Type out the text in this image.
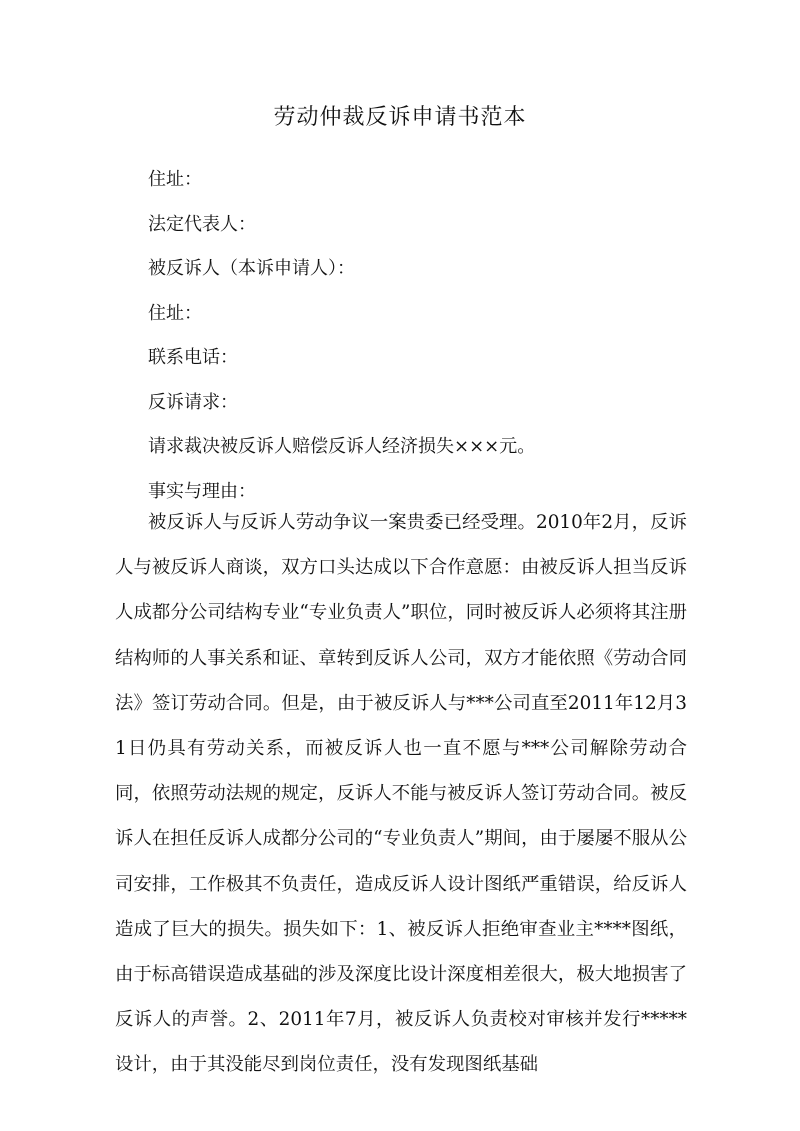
劳动仲裁反诉申请书范本
住址：
法定代表人：
被反诉人（本诉申请人）：
住址：
联系电话：
反诉请求：
请求裁决被反诉人赔偿反诉人经济损失×××元。
事实与理由：
被反诉人与反诉人劳动争议一案贵委已经受理。2010年2月，反诉人与被反诉人商谈，双方口头达成以下合作意愿：由被反诉人担当反诉人成都分公司结构专业“专业负责人”职位，同时被反诉人必须将其注册结构师的人事关系和证、章转到反诉人公司，双方才能依照《劳动合同法》签订劳动合同。但是，由于被反诉人与***公司直至2011年12月31日仍具有劳动关系，而被反诉人也一直不愿与***公司解除劳动合同，依照劳动法规的规定，反诉人不能与被反诉人签订劳动合同。被反诉人在担任反诉人成都分公司的“专业负责人”期间，由于屡屡不服从公司安排，工作极其不负责任，造成反诉人设计图纸严重错误，给反诉人造成了巨大的损失。损失如下：1、被反诉人拒绝审查业主****图纸，由于标高错误造成基础的涉及深度比设计深度相差很大，极大地损害了反诉人的声誉。2、2011年7月，被反诉人负责校对审核并发行*****设计，由于其没能尽到岗位责任，没有发现图纸基础
